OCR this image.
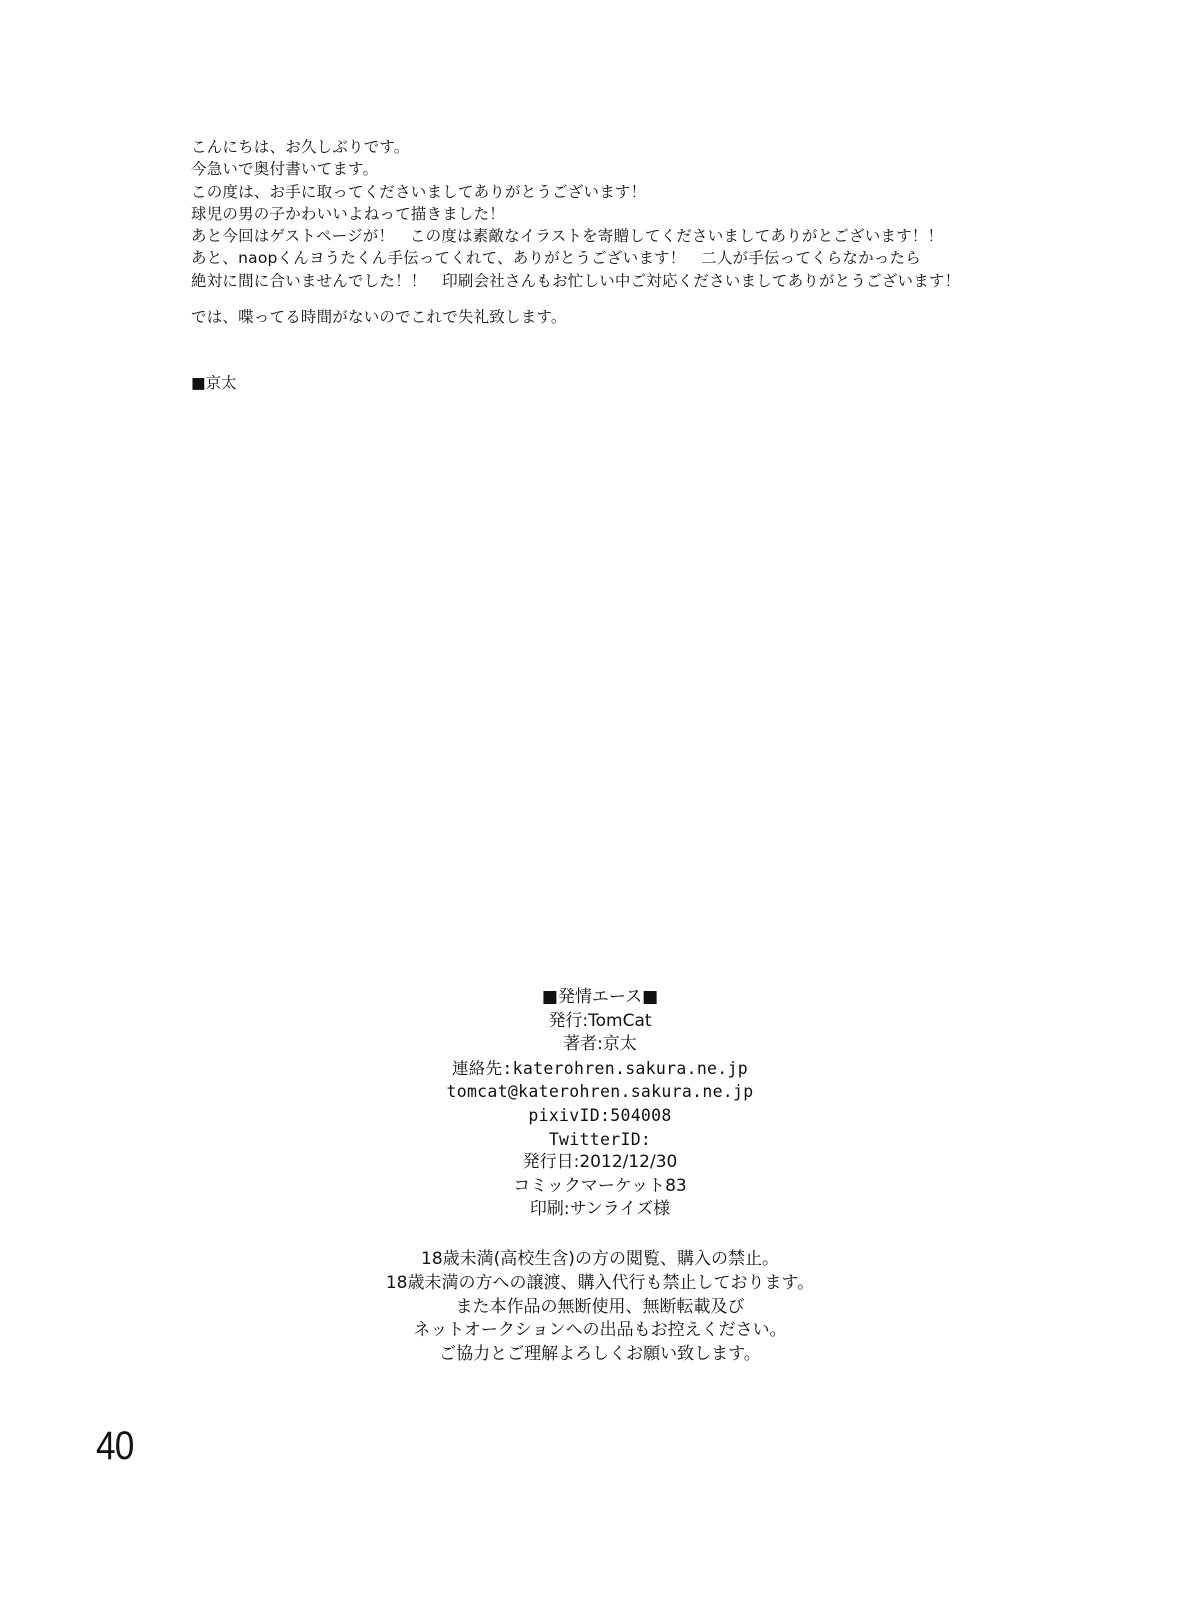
こんにちは、お久しぶりです。
今急いで奥付書いてます。
この度は、お手に取ってくださいましてありがとうございます！
球児の男の子かわいいよねって描きました！
あと今回はゲストページが！　この度は素敵なイラストを寄贈してくださいましてありがとございます！！
あと、naopくんヨうたくん手伝ってくれて、ありがとうございます！　二人が手伝ってくらなかったら
絶対に間に合いませんでした！！　印刷会社さんもお忙しい中ご対応くださいましてありがとうございます！
では、喋ってる時間がないのでこれで失礼致します。
■京太
■発情エース■
発行:TomCat
著者:京太
連絡先:katerohren.sakura.ne.jp
tomcat@katerohren.sakura.ne.jp
pixivID:504008
TwitterID:
発行日:2012/12/30
コミックマーケット83
印刷:サンライズ様
18歳未満(高校生含)の方の閲覧、購入の禁止。
18歳未満の方への譲渡、購入代行も禁止しております。
また本作品の無断使用、無断転載及び
ネットオークションへの出品もお控えください。
ご協力とご理解よろしくお願い致します。
40
